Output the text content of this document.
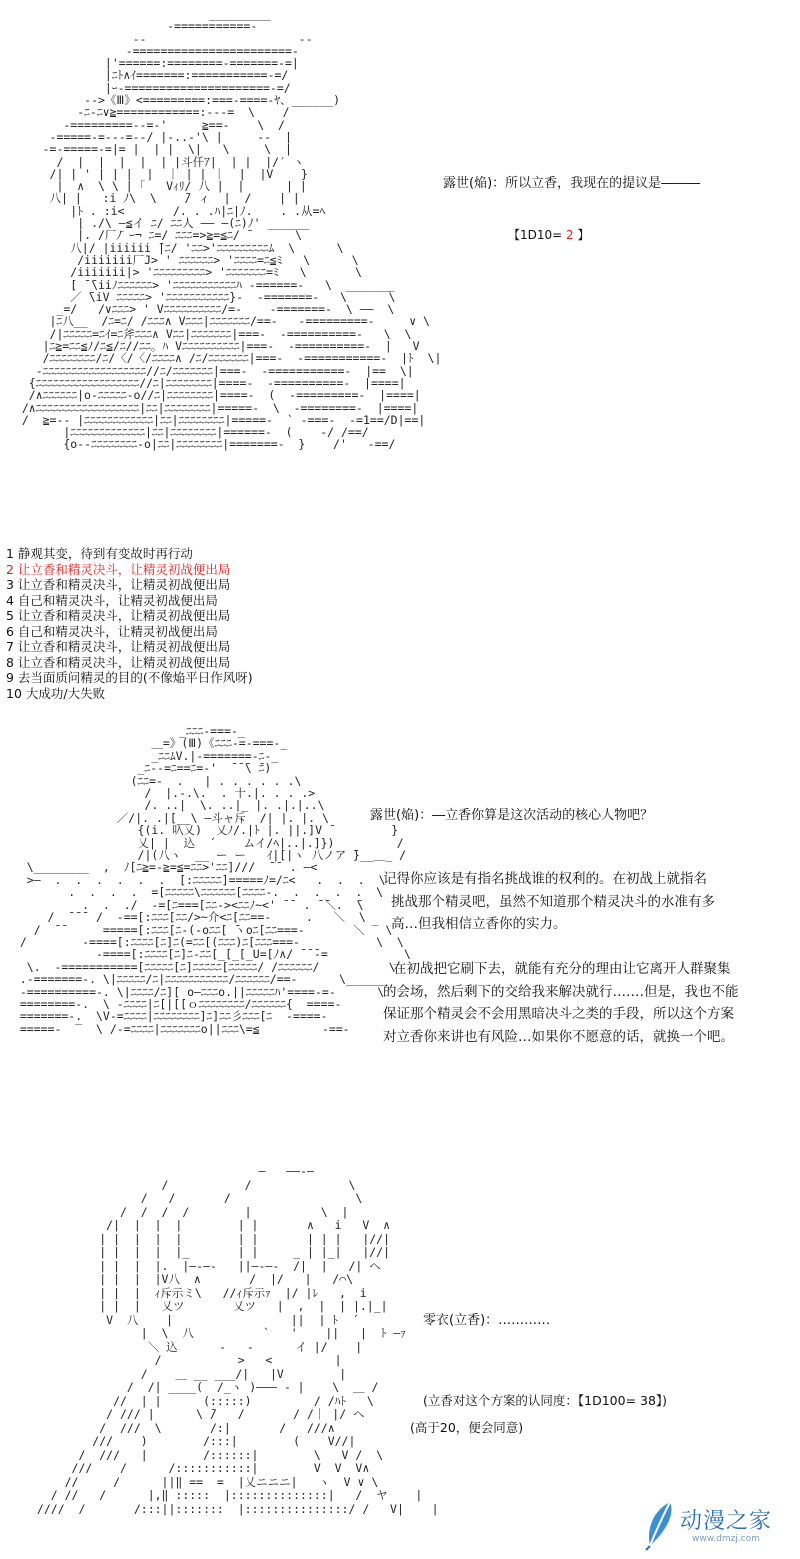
_________
-===========-
--                      --
-=======================-
|'======:========-=======-=|
|ﾆﾄ∧ｲ=======:===========-=/
|ｰ-=====================-=/
-->《Ⅲ》<=========:===-====-ﾔ、______)
-ﾆ-ﾆ∨≧============:---=  \    /
-=========--=-'     ≧==-    \  /
-=====-=---=--/ |-..-'\ |     --  |
-=-=====-=|= |  | |  \|   \     \  |
/  |  |  |  |  | |斗仟ｱ|  | |  |/′ ヽ
/| | ' | | |  |  ｜ | | ｜  |  |V    }
|  ∧  \ \ | ｢   Vｨﾘ/ 八 |  |      | |
八| |   :i ﾉ\  \    ̄/ ィ  |  /    | |
|ﾄ . :i<       /. . .ﾊ|ﾆ|ﾉ.    . .从=ﾍ
| ./\ —≦イ ﾆ/ ﾆﾆ人 ―― ―(ﾆ)ﾉ' ______
|. /厂ﾉ̄ ｰ¬ ﾆ=/ ﾆﾆﾆ=>≧=≦ﾆ/ ̄       \
八|/ |iiiiii ̄|ﾆ/ 'ﾆﾆ>'ﾆﾆﾆﾆﾆﾆﾆﾆﾆﾑ  \      \
/iiiiiii厂J> ' ﾆﾆﾆﾆﾆﾆ> 'ﾆﾆﾆﾆ=ﾆ≦ﾐ   \      \
/iiiiiii|> 'ﾆﾆﾆﾆﾆﾆﾆﾆﾆ> 'ﾆﾆﾆﾆﾆﾆﾆ=ﾐ   \       \
[ ̄ ̄\iiﾉﾆﾆﾆﾆﾆﾆ> 'ﾆﾆﾆﾆﾆﾆﾆﾆﾆﾆﾆﾊ -======-   \  _______
／ ̄\iV ﾆﾆﾆﾆﾆ> 'ﾆﾆﾆﾆﾆﾆﾆﾆﾆﾆﾆ}-  -=======-   \      \
_=/   /∨ﾆﾆﾆ> ' Vﾆﾆﾆﾆﾆﾆﾆﾆﾆﾆ/=-    -=======-  \ ――  \
|ﾆ八__  /ﾆ=ﾆ/ /ﾆﾆﾆ∧ Vﾆﾆﾆ|ﾆﾆﾆﾆﾆﾆﾆ/==-   -=========-     ∨ \
/|ﾆﾆﾆﾆﾆ=ﾆｲ=ﾆ斧ﾆﾆﾆ∧ Vﾆﾆ|ﾆﾆﾆﾆﾆﾆﾆ|===-  -==========-   \  \
|ﾆ≧=ﾆﾆ≦ﾉ/ﾆ≦/ﾆ//ﾆﾆ。ﾊ Vﾆﾆﾆﾆﾆﾆﾆﾆﾆﾆ|===-  -==========-  |   V
/ﾆﾆﾆﾆﾆﾆﾆﾆ/ﾆ/〈/〈/ﾆﾆﾆﾆ∧ /ﾆ/ﾆﾆﾆﾆﾆﾆﾆ|===-  -===========-  |ﾄ  \|
-ﾆﾆﾆﾆﾆﾆﾆﾆﾆﾆﾆﾆﾆﾆﾆﾆﾆﾆ//ﾆ/ﾆﾆﾆﾆﾆﾆﾆ|===-  -===========-  |==  \|
{ﾆﾆﾆﾆﾆﾆﾆﾆﾆﾆﾆﾆﾆﾆﾆﾆﾆﾆ//ﾆ|ﾆﾆﾆﾆﾆﾆﾆﾆ|====-  -==========-  |====|
/∧ﾆﾆﾆﾆﾆﾆ|o-ﾆﾆﾆﾆﾆ-o//ﾆ|ﾆﾆﾆﾆﾆﾆﾆﾆ|====-  (  -=========-  |====|
/∧ﾆﾆﾆﾆﾆﾆﾆﾆﾆﾆﾆﾆﾆﾆﾆﾆﾆﾆ|ﾆﾆ|ﾆﾆﾆﾆﾆﾆﾆﾆ|=====-  \  -========-  |====|
/  ≧=-- |ﾆﾆﾆﾆﾆﾆﾆﾆﾆﾆﾆﾆ|ﾆﾆ|ﾆﾆﾆﾆﾆﾆﾆﾆ|=====-  ` -===-  -=1==/D|==|
|ﾆﾆﾆﾆﾆﾆﾆﾆﾆﾆﾆﾆﾆ|ﾆﾆ|ﾆﾆﾆﾆﾆﾆﾆﾆ|======-  (    -/ /==/
{o--ﾆﾆﾆﾆﾆﾆﾆﾆ-o|ﾆﾆ|ﾆﾆﾆﾆﾆﾆﾆﾆ|=======-  }    /'   -==/

露世(焔)：所以立香，我现在的提议是―――
【1D10= 2 】
1 静观其变，待到有变故时再行动
2 让立香和精灵决斗，让精灵初战便出局
3 让立香和精灵决斗，让精灵初战便出局
4 自己和精灵决斗，让精灵初战便出局
5 让立香和精灵决斗，让精灵初战便出局
6 自己和精灵决斗，让精灵初战便出局
7 让立香和精灵决斗，让精灵初战便出局
8 让立香和精灵决斗，让精灵初战便出局
9 去当面质问精灵的目的(不像焔平日作风呀)
10 大成功/大失败
_ﾆﾆﾆ-===-_
＿=》(Ⅲ)《ﾆﾆﾆ-=-===-_
_ﾆﾆﾑV.|-=======-ﾆ-_
_ﾆ--=ﾆ==ﾆ=-'  ̄ ̄ ̄\ ̄ﾆ)
(ﾆﾆ=-  .   | . . . . . .\
/  |.-.\.  . 十.|. . . .>
/. ..|  \. ..|_ |. .|.|..\
／/|. .|[__\ —斗ャ斥  /| |. |. \
{(i. 叺乂)  乂ﾉ/.|ﾄ |. ||.]V ̄         }
乂| |  込  ´    ムイ/ﾍ|..|.]})         /
/|(八ヽ  __ ー ー   ｲ|[|ヽ 八ノア ̄}__＿_ /
\________  ,  ﾉ[ﾆ≧=-≧=≦=ﾆﾆ>'ﾆﾆ]///  ̄ ̄  . —<
>―  .  .  .  .  .  .  [:ﾆﾆﾆﾆﾆ]=====ﾉ=/ﾆ<   .  .  .  \
.  .  .  .  =[ﾆﾆﾆﾆﾆ\ﾆﾆﾆﾆﾆﾆ[ﾆﾆﾆﾆ-.  .  .  .  .  \
.  .  ./  -=[ﾆ===[ﾆﾆ-><ﾆﾆﾉ~<' ̄ ̄  . ̄ ̄＼.  ̄\
/  ̄ ̄ ̄  /  -==[:ﾆﾆﾆ[ﾆﾆ/>~介<ﾆ[ﾆﾆ==-     .   ＼  \
/  ̄ ̄      =====[:ﾆﾆﾆ[ﾆ-(-oﾆﾆ[ ̄ヽoﾆ[ﾆﾆ===-       ＼ ‾ \
/        -====[:ﾆﾆﾆﾆ[ﾆ]ﾆ(=ﾆﾆ[(ﾆﾆﾆ)ﾆ[ﾆﾆﾆ===-           \  \
-====[:ﾆﾆﾆﾆ[ﾆ]ﾆ-ﾆﾆ[_[_[_U=[ﾉ∧/ ̄ ̄ ̄-=           \
\.  -===========[ﾆﾆﾆﾆﾆ[ﾆ]ﾆﾆﾆﾆﾆ[ﾆﾆﾆﾆﾆ/ /ﾆﾆﾆﾆﾆﾆ/          \
.-=======-. \|ﾆﾆﾆﾆﾆ/ﾆ|ﾆﾆﾆﾆﾆﾆﾆﾆﾆﾆﾆ/ﾆﾆﾆﾆﾆﾆ/==-      \______
-==========-. \|ﾆﾆﾆﾆ/ﾆ][ o—ﾆﾆﾆo.||ﾆﾆﾆﾆﾆﾊ'====-=-      \
========-.  \ -ﾆﾆﾆﾆ|ﾆ[|[[ｏﾆﾆﾆﾆﾆﾆﾆﾆ/ﾆﾆﾆﾆﾆﾆ{  ====-
=======-.  \V-=ﾆﾆﾆﾆ|ﾆﾆﾆﾆﾆﾆﾆﾆ]ﾆ]ﾆﾆ彡ﾆﾆﾆ[ﾆ  -====-
=====-  ‾  \ /-=ﾆﾆﾆﾆ|ﾆﾆﾆﾆﾆﾆﾆo||ﾆﾆﾆ\=≦         -==-

露世(焔)：―立香你算是这次活动的核心人物吧？
记得你应该是有指名挑战谁的权利的。在初战上就指名
挑战那个精灵吧，虽然不知道那个精灵决斗的水准有多
高…但我相信立香你的实力。

在初战把它刷下去，就能有充分的理由让它离开人群聚集
的会场，然后剩下的交给我来解决就行‥‥…但是，我也不能
保证那个精灵会不会用黑暗决斗之类的手段，所以这个方案
对立香你来讲也有风险…如果你不愿意的话，就换一个吧。
—   ――‐—
/           /              \
/   /       /                  \
/  /  /  /        |          \  |
/|  |  |  |        | |       ∧   i   V  ∧
| |  |  |  |        | |       | | |   |//|
| |  |  |  |_       | |     _ | |_|   |//|
| |  |  |.  |―-―-   ||―-―-  /|  |   /| ヘ
| |  |  |V八  ∧       /  |/   |   /⌒\
| |  |  ｨ斥示ミ\   //ｨ斥示ｧ  |/ |ﾚ   ,  i
| |  |   乂ツ       乂ツ   |  ,  |  | |.|_|
V  八    |                 ||  | ﾄ  ´
|  \  八          `   '    ||   |  ﾄ ―ｧ
＼ 込      -   -      イ |/    |
/           >   <         |
/    ＿ __ ___/|   |V        |
/  /| ____(  /_ヽ )――― - |    \  ＿ /
//  | |      (:::::)         / /ﾊﾄ   \
/ /// |      \ ̄/   /       / /｜ |/ ヘ
/  ///  \       /:|       /   ///∧
///    )        /:::|        (    V//|
/  ///   |        /::::::|        \   V /  \
///    /      /:::::::::::|        V  V  V∧
//     /      ||‖ ==  =  |乂ニニニ|   ヽ  V ∨ \
/ //   /      |,‖ :::::  |::::::::::::::|   /  ヤ    |
////  /       /:::||:::::::  |:::::::::::::::/ /   V|    |

零衣(立香)：…………
(立香对这个方案的认同度：【1D100= 38】)
(高于20，便会同意)
动漫之家
www.dmzj.com
